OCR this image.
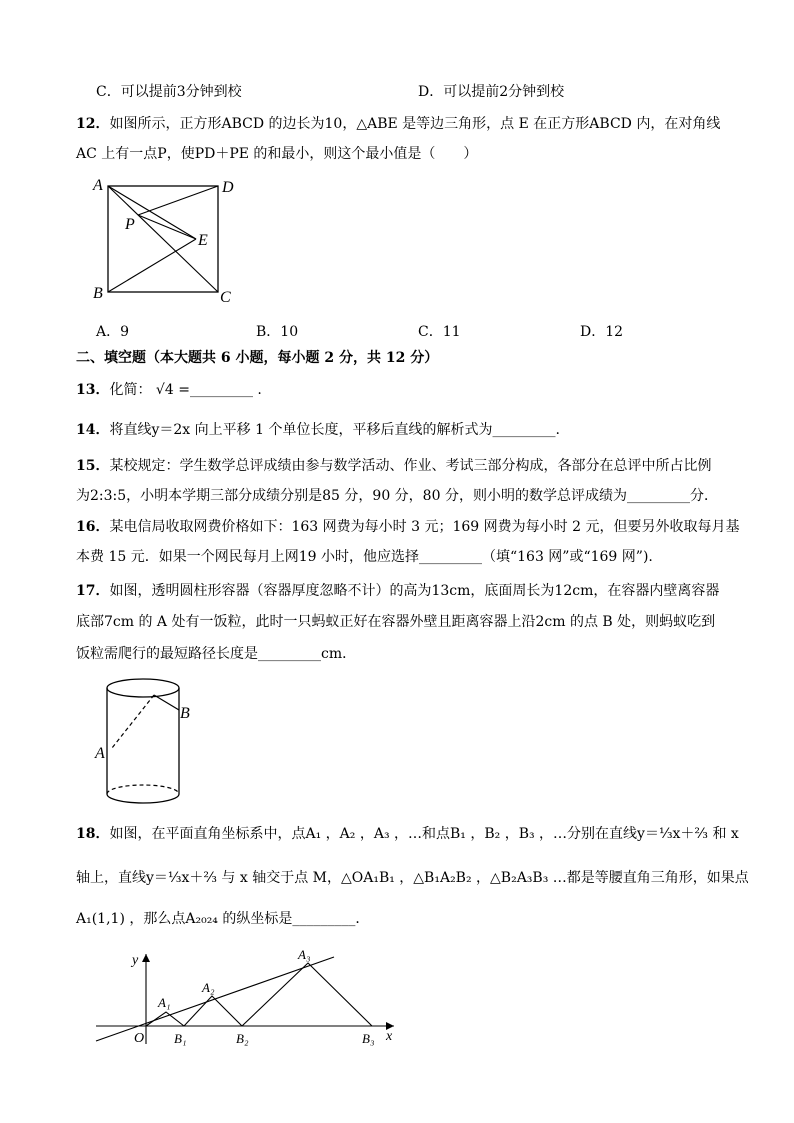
C．可以提前3分钟到校	D．可以提前2分钟到校
12．如图所示，正方形ABCD 的边长为10，△ABE 是等边三角形，点 E 在正方形ABCD 内，在对角线
AC 上有一点P，使PD＋PE 的和最小，则这个最小值是（　　）
A	D
B	C
P
E
A．9	B．10	C．11	D．12
二、填空题（本大题共 6 小题，每小题 2 分，共 12 分）
13．化简： √4 =_________ .
14．将直线y＝2x 向上平移 1 个单位长度，平移后直线的解析式为_________.
15．某校规定：学生数学总评成绩由参与数学活动、作业、考试三部分构成，各部分在总评中所占比例
为2:3:5，小明本学期三部分成绩分别是85 分，90 分，80 分，则小明的数学总评成绩为_________分．
16．某电信局收取网费价格如下：163 网费为每小时 3 元；169 网费为每小时 2 元，但要另外收取每月基
本费 15 元．如果一个网民每月上网19 小时，他应选择_________（填“163 网”或“169 网”).
17．如图，透明圆柱形容器（容器厚度忽略不计）的高为13cm，底面周长为12cm，在容器内壁离容器
底部7cm 的 A 处有一饭粒，此时一只蚂蚁正好在容器外壁且距离容器上沿2cm 的点 B 处，则蚂蚁吃到
饭粒需爬行的最短路径长度是_________cm．
B
A
18．如图，在平面直角坐标系中，点A₁ ，A₂ ，A₃ ，…和点B₁ ，B₂ ，B₃ ，…分别在直线y＝⅓x＋⅔ 和 x
轴上，直线y＝⅓x＋⅔ 与 x 轴交于点 M，△OA₁B₁ ，△B₁A₂B₂ ，△B₂A₃B₃ …都是等腰直角三角形，如果点
A₁(1,1) ，那么点A₂₀₂₄ 的纵坐标是_________．
y
x
O
A₁
A₂
A₃
B₁	B₂	B₃
